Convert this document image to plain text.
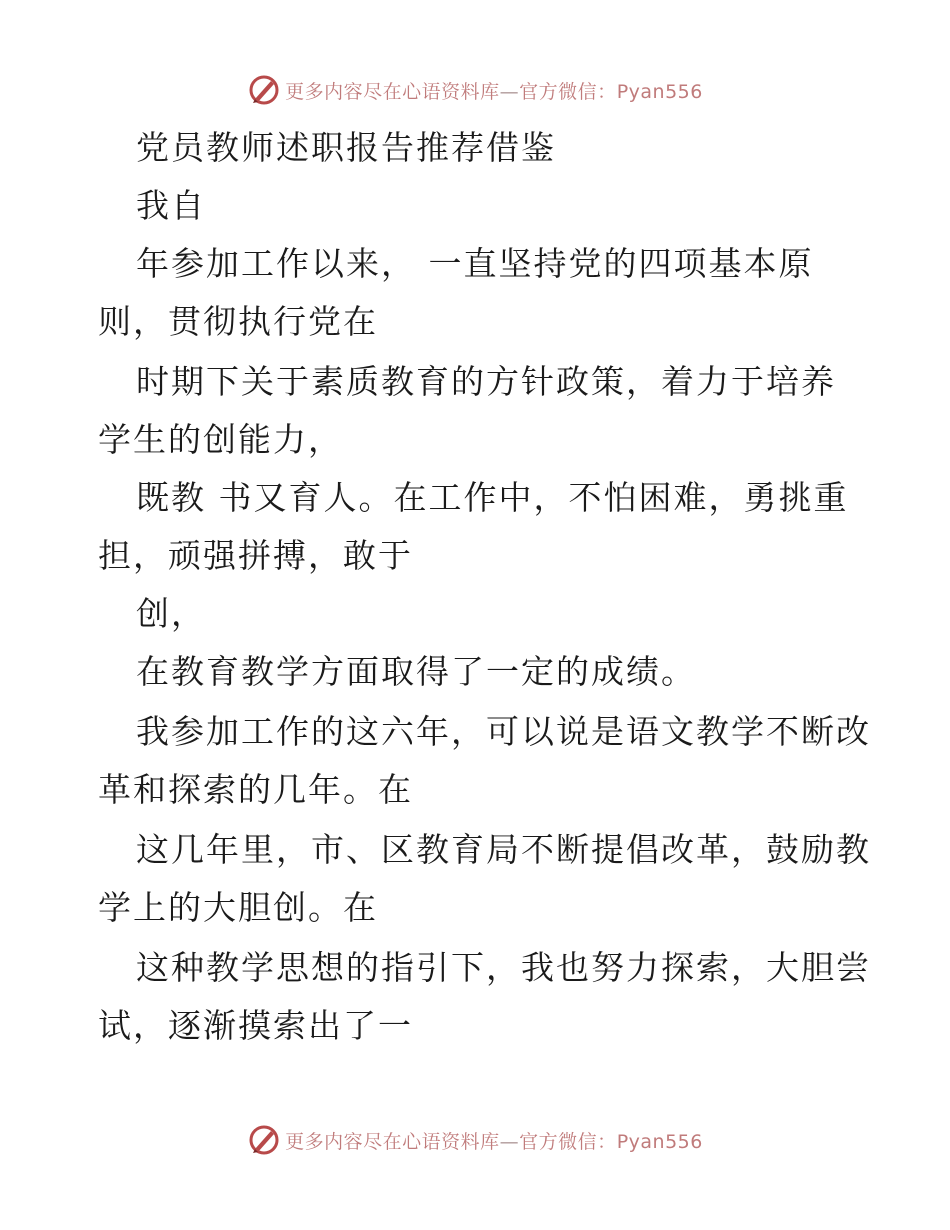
更多内容尽在心语资料库—官方微信：Pyan556
党员教师述职报告推荐借鉴
我自
年参加工作以来， 一直坚持党的四项基本原
则，贯彻执行党在
时期下关于素质教育的方针政策，着力于培养
学生的创能力，
既教 书又育人。在工作中，不怕困难，勇挑重
担，顽强拼搏，敢于
创，
在教育教学方面取得了一定的成绩。
我参加工作的这六年，可以说是语文教学不断改
革和探索的几年。在
这几年里，市、区教育局不断提倡改革，鼓励教
学上的大胆创。在
这种教学思想的指引下，我也努力探索，大胆尝
试，逐渐摸索出了一
更多内容尽在心语资料库—官方微信：Pyan556
